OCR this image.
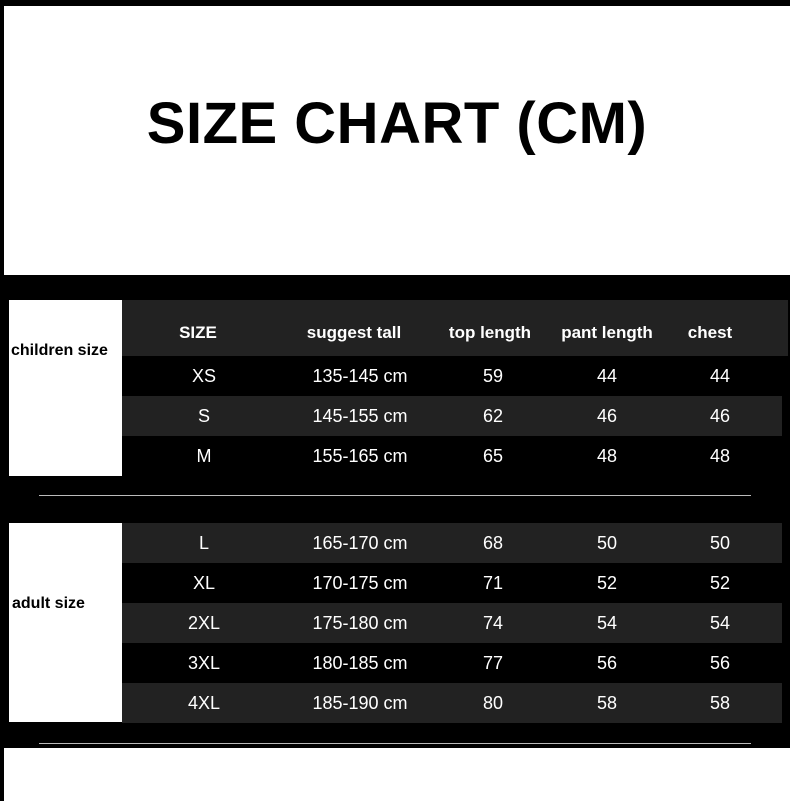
SIZE CHART (CM)
children size
SIZE	suggest tall	top length	pant length	chest
XS	135-145 cm	59	44	44
S	145-155 cm	62	46	46
M	155-165 cm	65	48	48
adult size
L	165-170 cm	68	50	50
XL	170-175 cm	71	52	52
2XL	175-180 cm	74	54	54
3XL	180-185 cm	77	56	56
4XL	185-190 cm	80	58	58
